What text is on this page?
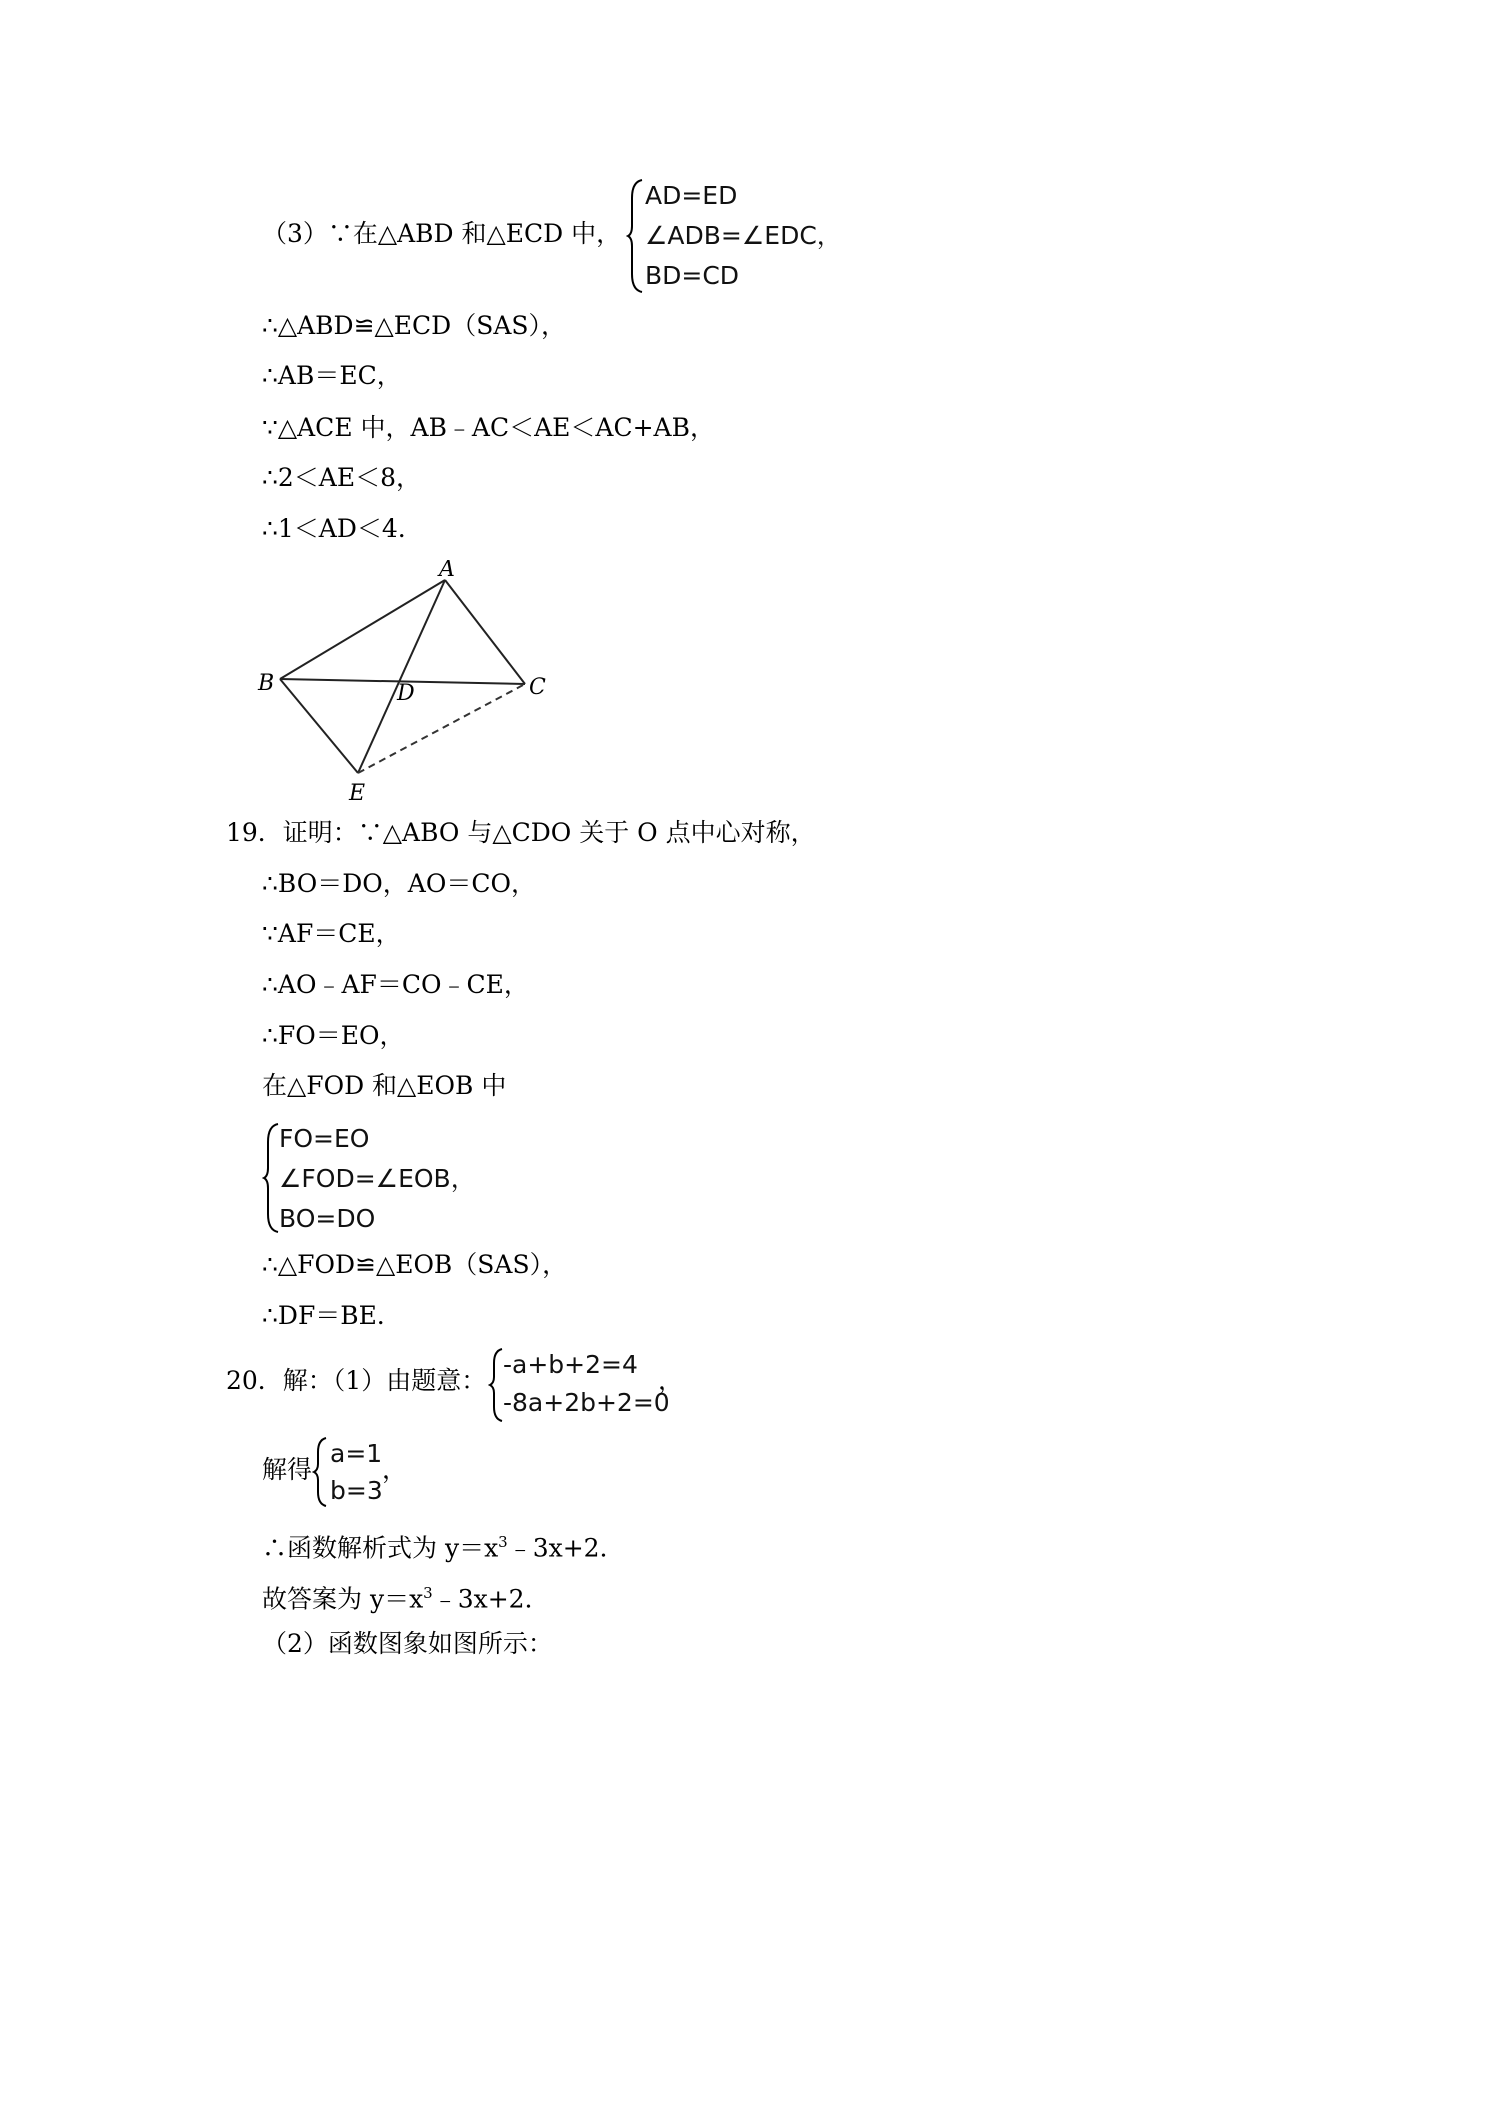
（3）∵在△ABD 和△ECD 中，
AD=ED
∠ADB=∠EDC，
BD=CD
∴△ABD≌△ECD（SAS），
∴AB＝EC，
∵△ACE 中，AB﹣AC＜AE＜AC+AB，
∴2＜AE＜8，
∴1＜AD＜4．
A
B	D	C
E
19．证明：∵△ABO 与△CDO 关于 O 点中心对称，
∴BO＝DO，AO＝CO，
∵AF＝CE，
∴AO﹣AF＝CO﹣CE，
∴FO＝EO，
在△FOD 和△EOB 中
FO=EO
∠FOD=∠EOB，
BO=DO
∴△FOD≌△EOB（SAS），
∴DF＝BE．
20．解：（1）由题意：
-a+b+2=4
-8a+2b+2=0
，
解得
a=1
b=3
，
∴函数解析式为 $y=x^3﹣3x+2$．
故答案为 $y=x^3﹣3x+2$．
（2）函数图象如图所示：
